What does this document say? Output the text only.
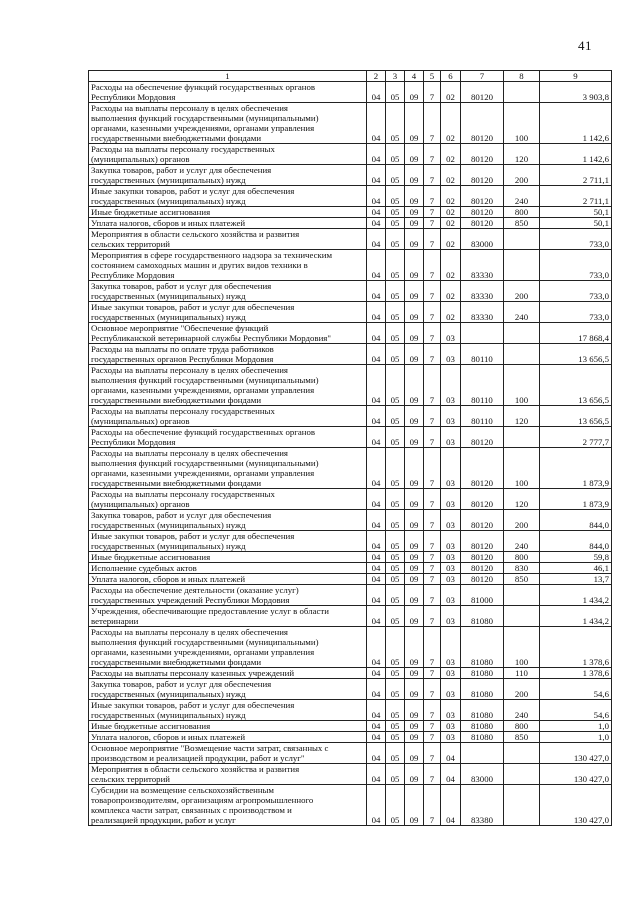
41
1	2	3	4	5	6	7	8	9

Расходы на обеспечение функций государственных органов
Республики Мордовия	04	05	09	7	02	80120		3 903,8

Расходы на выплаты персоналу в целях обеспечения
выполнения функций государственными (муниципальными)
органами, казенными учреждениями, органами управления
государственными внебюджетными фондами	04	05	09	7	02	80120	100	1 142,6

Расходы на выплаты персоналу государственных
(муниципальных) органов	04	05	09	7	02	80120	120	1 142,6

Закупка товаров, работ и услуг для обеспечения
государственных (муниципальных) нужд	04	05	09	7	02	80120	200	2 711,1

Иные закупки товаров, работ и услуг для обеспечения
государственных (муниципальных) нужд	04	05	09	7	02	80120	240	2 711,1

Иные бюджетные ассигнования	04	05	09	7	02	80120	800	50,1

Уплата налогов, сборов и иных платежей	04	05	09	7	02	80120	850	50,1

Мероприятия в области сельского хозяйства и развития
сельских территорий	04	05	09	7	02	83000		733,0

Мероприятия в сфере государственного надзора за техническим
состоянием самоходных машин и других видов техники в
Республике Мордовия	04	05	09	7	02	83330		733,0

Закупка товаров, работ и услуг для обеспечения
государственных (муниципальных) нужд	04	05	09	7	02	83330	200	733,0

Иные закупки товаров, работ и услуг для обеспечения
государственных (муниципальных) нужд	04	05	09	7	02	83330	240	733,0

Основное мероприятие "Обеспечение функций
Республиканской ветеринарной службы Республики Мордовия"	04	05	09	7	03			17 868,4

Расходы на выплаты по оплате труда работников
государственных органов Республики Мордовия	04	05	09	7	03	80110		13 656,5

Расходы на выплаты персоналу в целях обеспечения
выполнения функций государственными (муниципальными)
органами, казенными учреждениями, органами управления
государственными внебюджетными фондами	04	05	09	7	03	80110	100	13 656,5

Расходы на выплаты персоналу государственных
(муниципальных) органов	04	05	09	7	03	80110	120	13 656,5

Расходы на обеспечение функций государственных органов
Республики Мордовия	04	05	09	7	03	80120		2 777,7

Расходы на выплаты персоналу в целях обеспечения
выполнения функций государственными (муниципальными)
органами, казенными учреждениями, органами управления
государственными внебюджетными фондами	04	05	09	7	03	80120	100	1 873,9

Расходы на выплаты персоналу государственных
(муниципальных) органов	04	05	09	7	03	80120	120	1 873,9

Закупка товаров, работ и услуг для обеспечения
государственных (муниципальных) нужд	04	05	09	7	03	80120	200	844,0

Иные закупки товаров, работ и услуг для обеспечения
государственных (муниципальных) нужд	04	05	09	7	03	80120	240	844,0

Иные бюджетные ассигнования	04	05	09	7	03	80120	800	59,8

Исполнение судебных актов	04	05	09	7	03	80120	830	46,1

Уплата налогов, сборов и иных платежей	04	05	09	7	03	80120	850	13,7

Расходы на обеспечение деятельности (оказание услуг)
государственных учреждений Республики Мордовия	04	05	09	7	03	81000		1 434,2

Учреждения, обеспечивающие предоставление услуг в области
ветеринарии	04	05	09	7	03	81080		1 434,2

Расходы на выплаты персоналу в целях обеспечения
выполнения функций государственными (муниципальными)
органами, казенными учреждениями, органами управления
государственными внебюджетными фондами	04	05	09	7	03	81080	100	1 378,6

Расходы на выплаты персоналу казенных учреждений	04	05	09	7	03	81080	110	1 378,6

Закупка товаров, работ и услуг для обеспечения
государственных (муниципальных) нужд	04	05	09	7	03	81080	200	54,6

Иные закупки товаров, работ и услуг для обеспечения
государственных (муниципальных) нужд	04	05	09	7	03	81080	240	54,6

Иные бюджетные ассигнования	04	05	09	7	03	81080	800	1,0

Уплата налогов, сборов и иных платежей	04	05	09	7	03	81080	850	1,0

Основное мероприятие "Возмещение части затрат, связанных с
производством и реализацией продукции, работ и услуг"	04	05	09	7	04			130 427,0

Мероприятия в области сельского хозяйства и развития
сельских территорий	04	05	09	7	04	83000		130 427,0

Субсидии на возмещение сельскохозяйственным
товаропроизводителям, организациям агропромышленного
комплекса части затрат, связанных с производством и
реализацией продукции, работ и услуг	04	05	09	7	04	83380		130 427,0
